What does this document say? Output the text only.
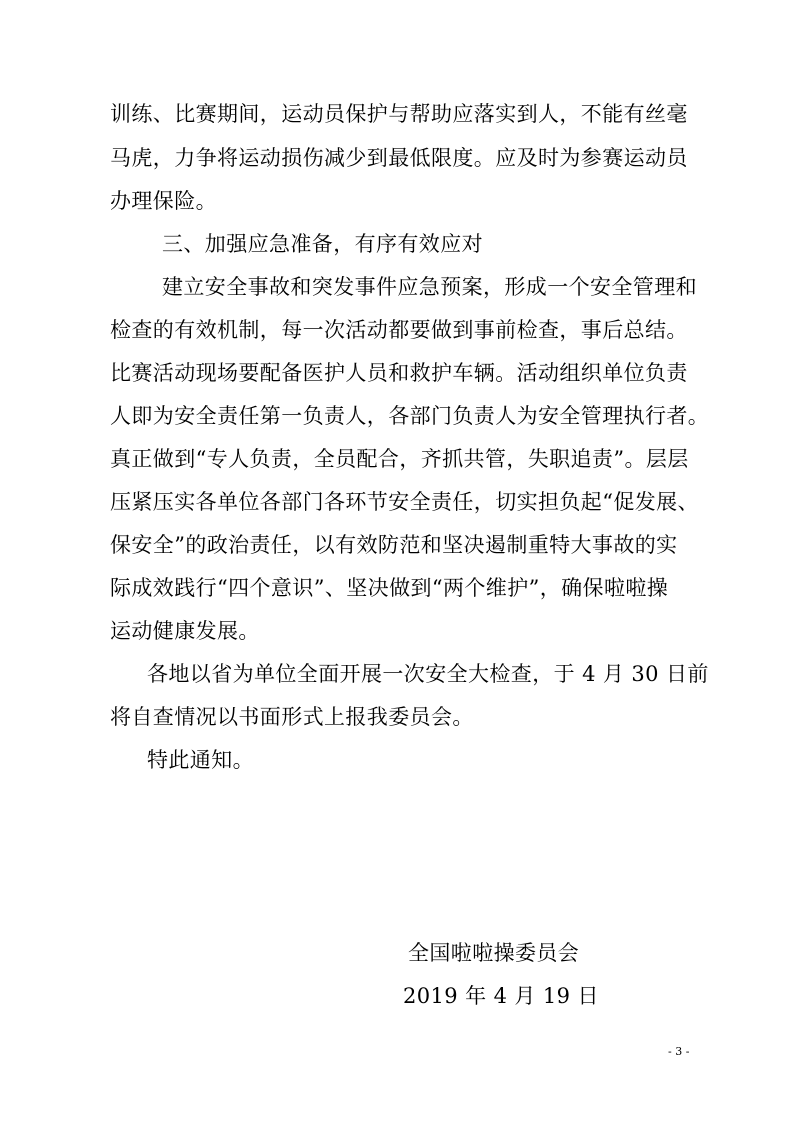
训练、比赛期间，运动员保护与帮助应落实到人，不能有丝毫
马虎，力争将运动损伤减少到最低限度。应及时为参赛运动员
办理保险。
三、加强应急准备，有序有效应对
建立安全事故和突发事件应急预案，形成一个安全管理和
检查的有效机制，每一次活动都要做到事前检查，事后总结。
比赛活动现场要配备医护人员和救护车辆。活动组织单位负责
人即为安全责任第一负责人，各部门负责人为安全管理执行者。
真正做到“专人负责，全员配合，齐抓共管，失职追责”。层层
压紧压实各单位各部门各环节安全责任，切实担负起“促发展、
保安全”的政治责任，以有效防范和坚决遏制重特大事故的实
际成效践行“四个意识”、坚决做到“两个维护”，确保啦啦操
运动健康发展。
各地以省为单位全面开展一次安全大检查，于 4 月 30 日前
将自查情况以书面形式上报我委员会。
特此通知。
全国啦啦操委员会
2019 年 4 月 19 日
- 3 -
